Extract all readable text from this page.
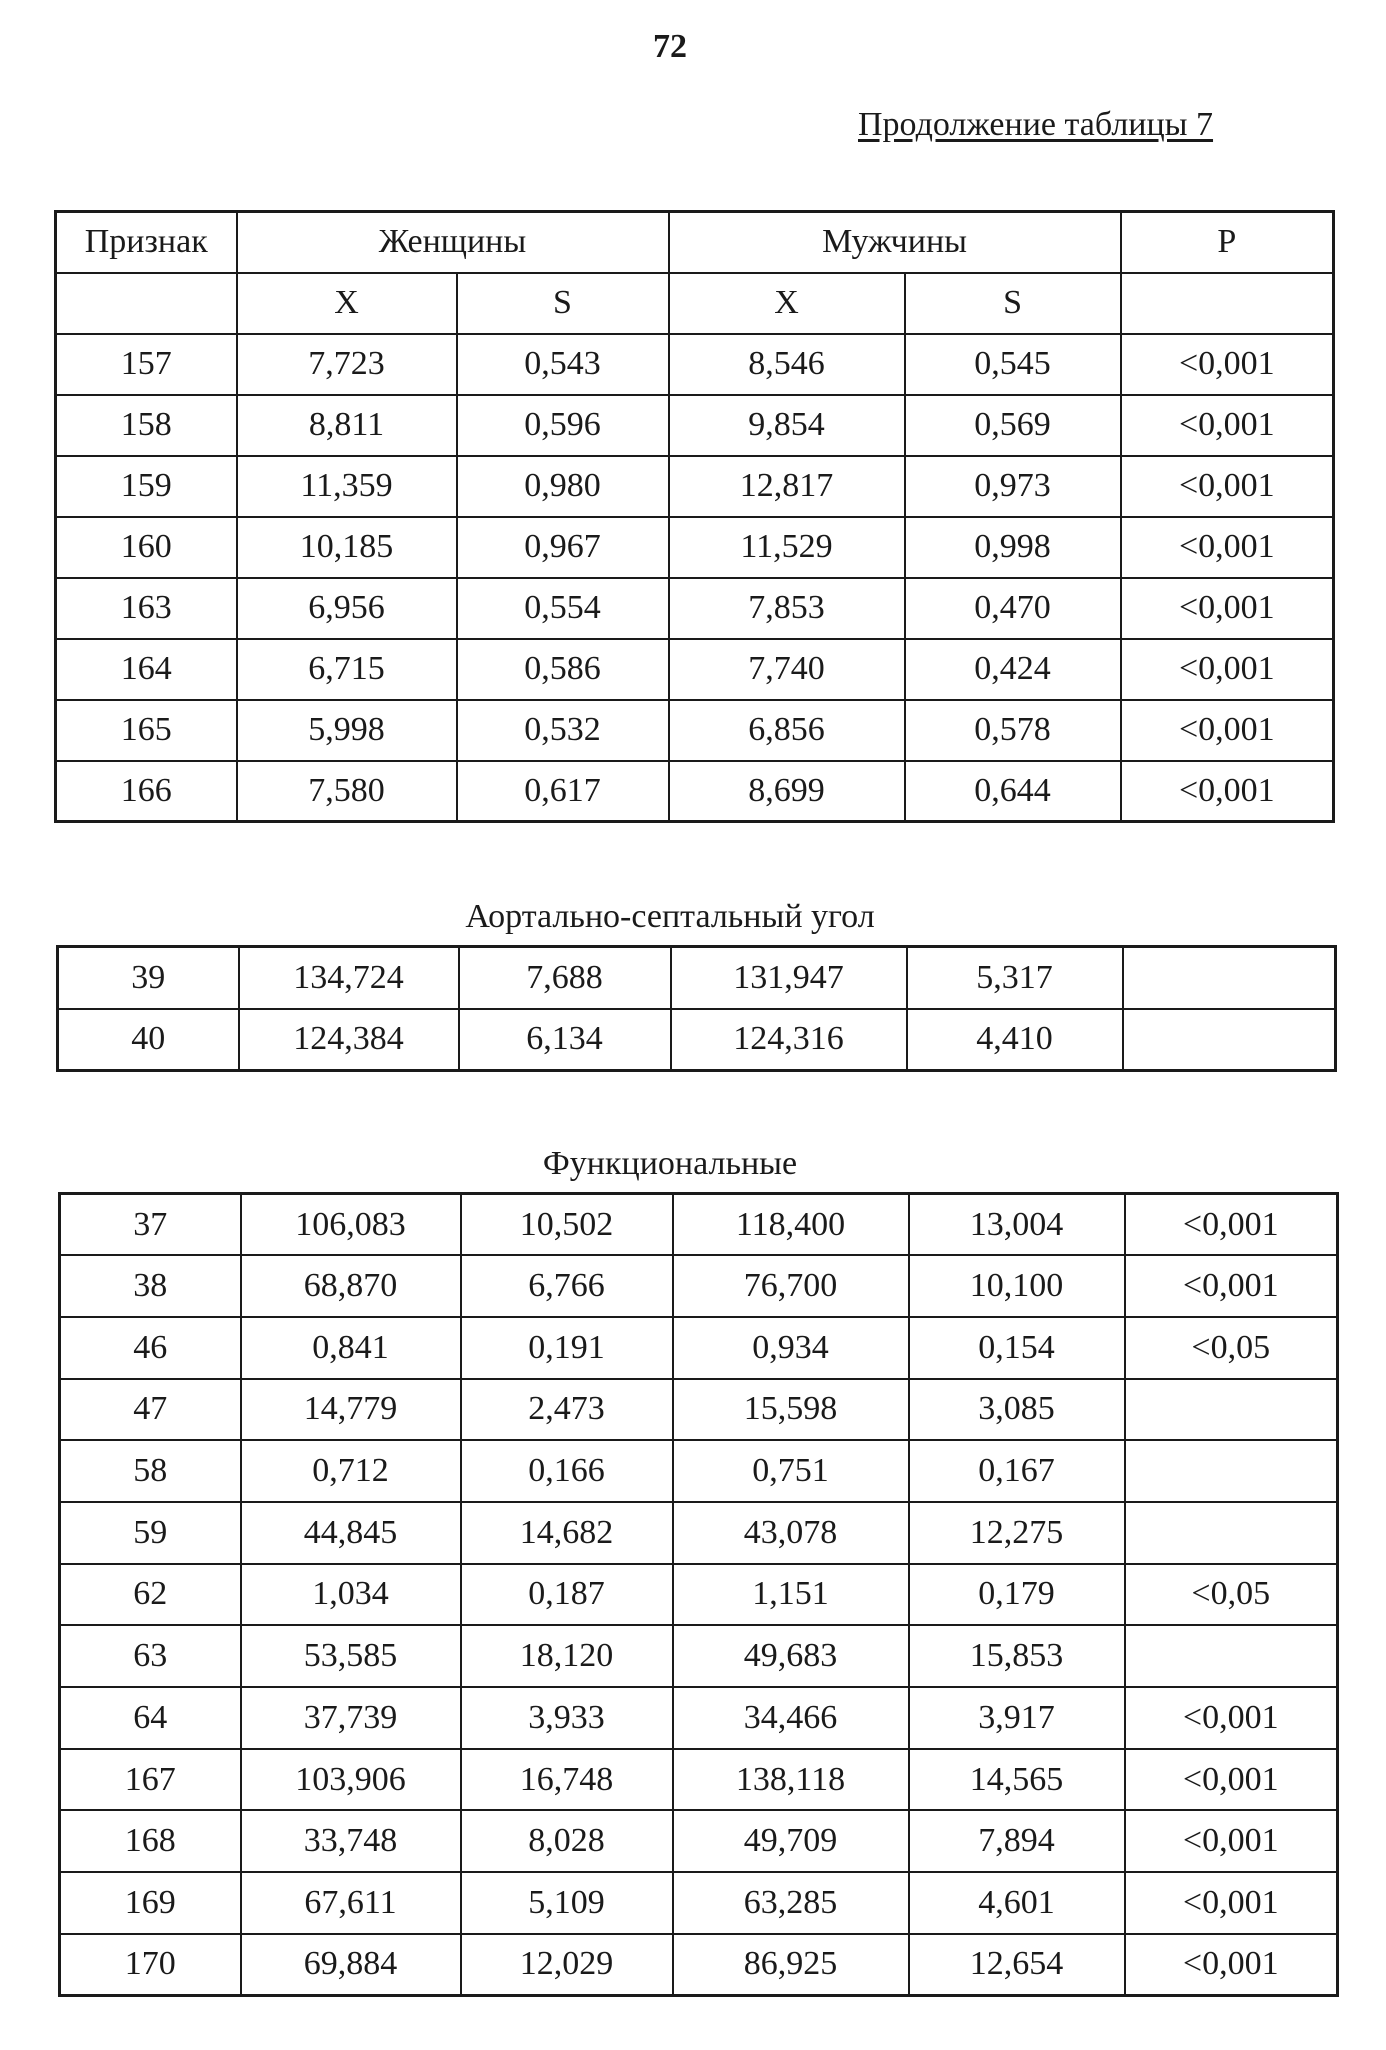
72
Продолжение таблицы 7
Признак	Женщины		Мужчины		P
	X	S	X	S	
157	7,723	0,543	8,546	0,545	<0,001
158	8,811	0,596	9,854	0,569	<0,001
159	11,359	0,980	12,817	0,973	<0,001
160	10,185	0,967	11,529	0,998	<0,001
163	6,956	0,554	7,853	0,470	<0,001
164	6,715	0,586	7,740	0,424	<0,001
165	5,998	0,532	6,856	0,578	<0,001
166	7,580	0,617	8,699	0,644	<0,001
Аортально-септальный угол
39	134,724	7,688	131,947	5,317	
40	124,384	6,134	124,316	4,410	
Функциональные
37	106,083	10,502	118,400	13,004	<0,001
38	68,870	6,766	76,700	10,100	<0,001
46	0,841	0,191	0,934	0,154	<0,05
47	14,779	2,473	15,598	3,085	
58	0,712	0,166	0,751	0,167	
59	44,845	14,682	43,078	12,275	
62	1,034	0,187	1,151	0,179	<0,05
63	53,585	18,120	49,683	15,853	
64	37,739	3,933	34,466	3,917	<0,001
167	103,906	16,748	138,118	14,565	<0,001
168	33,748	8,028	49,709	7,894	<0,001
169	67,611	5,109	63,285	4,601	<0,001
170	69,884	12,029	86,925	12,654	<0,001
